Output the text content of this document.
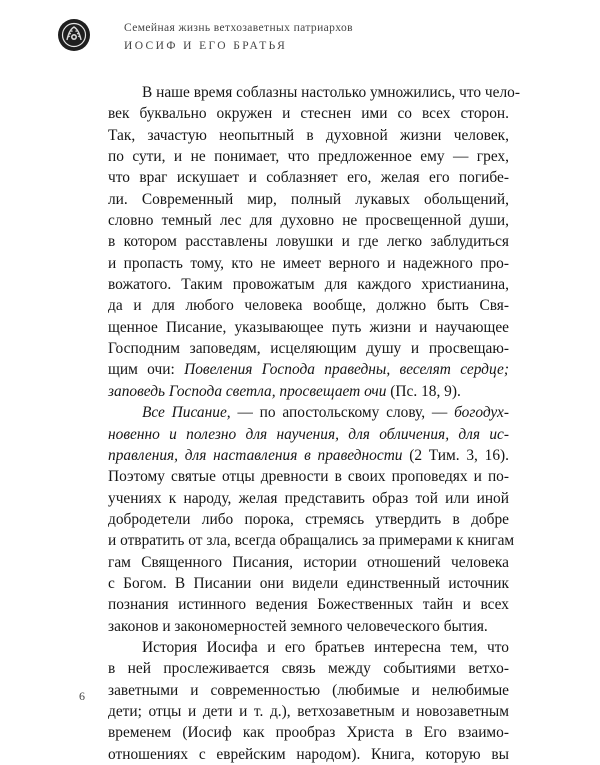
Семейная жизнь ветхозаветных патриархов
ИОСИФ И ЕГО БРАТЬЯ
В наше время соблазны настолько умножились, что чело-
век буквально окружен и стеснен ими со всех сторон.
Так, зачастую неопытный в духовной жизни человек,
по сути, и не понимает, что предложенное ему — грех,
что враг искушает и соблазняет его, желая его погибе-
ли. Современный мир, полный лукавых обольщений,
словно темный лес для духовно не просвещенной души,
в котором расставлены ловушки и где легко заблудиться
и пропасть тому, кто не имеет верного и надежного про-
вожатого. Таким провожатым для каждого христианина,
да и для любого человека вообще, должно быть Свя-
щенное Писание, указывающее путь жизни и научающее
Господним заповедям, исцеляющим душу и просвещаю-
щим очи: Повеления Господа праведны, веселят сердце;
заповедь Господа светла, просвещает очи (Пс. 18, 9).
Все Писание, — по апостольскому слову, — богодух-
новенно и полезно для научения, для обличения, для ис-
правления, для наставления в праведности (2 Тим. 3, 16).
Поэтому святые отцы древности в своих проповедях и по-
учениях к народу, желая представить образ той или иной
добродетели либо порока, стремясь утвердить в добре
и отвратить от зла, всегда обращались за примерами к книгам
гам Священного Писания, истории отношений человека
с Богом. В Писании они видели единственный источник
познания истинного ведения Божественных тайн и всех
законов и закономерностей земного человеческого бытия.
История Иосифа и его братьев интересна тем, что
в ней прослеживается связь между событиями ветхо-
заветными и современностью (любимые и нелюбимые
дети; отцы и дети и т. д.), ветхозаветным и новозаветным
временем (Иосиф как прообраз Христа в Его взаимо-
отношениях с еврейским народом). Книга, которую вы
6
